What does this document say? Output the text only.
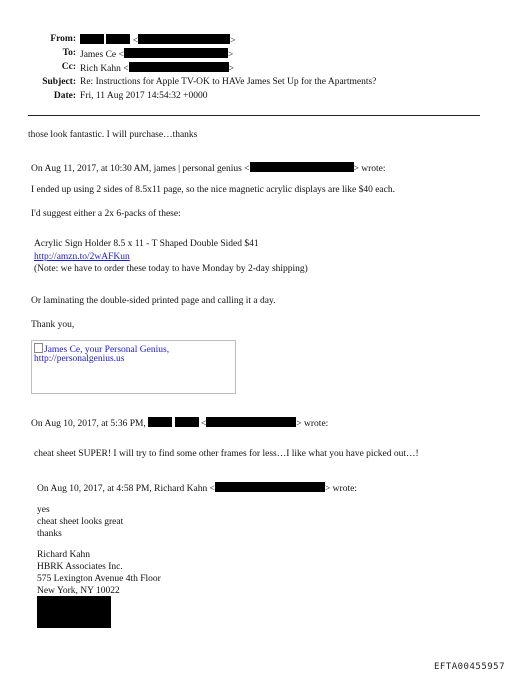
From:	<	>
To: James Ce <	>
Cc: Rich Kahn <	>
Subject: Re: Instructions for Apple TV-OK to HAVe James Set Up for the Apartments?
Date: Fri, 11 Aug 2017 14:54:32 +0000
those look fantastic. I will purchase…thanks
On Aug 11, 2017, at 10:30 AM, james | personal genius <	> wrote:
I ended up using 2 sides of 8.5x11 page, so the nice magnetic acrylic displays are like $40 each.
I'd suggest either a 2x 6-packs of these:
Acrylic Sign Holder 8.5 x 11 - T Shaped Double Sided $41
http://amzn.to/2wAFKun
(Note: we have to order these today to have Monday by 2-day shipping)
Or laminating the double-sided printed page and calling it a day.
Thank you,
James Ce, your Personal Genius,
http://personalgenius.us
On Aug 10, 2017, at 5:36 PM,	<	> wrote:
cheat sheet SUPER! I will try to find some other frames for less…I like what you have picked out…!
On Aug 10, 2017, at 4:58 PM, Richard Kahn <	> wrote:
yes
cheat sheet looks great
thanks
Richard Kahn
HBRK Associates Inc.
575 Lexington Avenue 4th Floor
New York, NY 10022
EFTA00455957
